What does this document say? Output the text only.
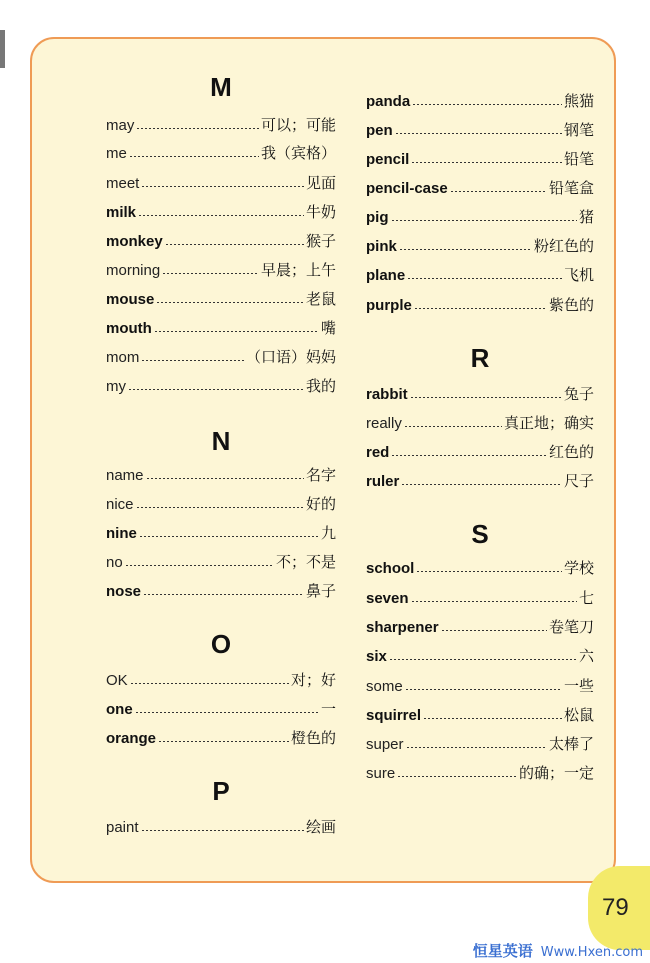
M
may	可以；可能
me	我（宾格）
meet	见面
milk	牛奶
monkey	猴子
morning	早晨；上午
mouse	老鼠
mouth	嘴
mom	（口语）妈妈
my	我的
N
name	名字
nice	好的
nine	九
no	不；不是
nose	鼻子
O
OK	对；好
one	一
orange	橙色的
P
paint	绘画
panda	熊猫
pen	钢笔
pencil	铅笔
pencil-case	铅笔盒
pig	猪
pink	粉红色的
plane	飞机
purple	紫色的
R
rabbit	兔子
really	真正地；确实
red	红色的
ruler	尺子
S
school	学校
seven	七
sharpener	卷笔刀
six	六
some	一些
squirrel	松鼠
super	太棒了
sure	的确；一定
79
恒星英语 Www.Hxen.com
